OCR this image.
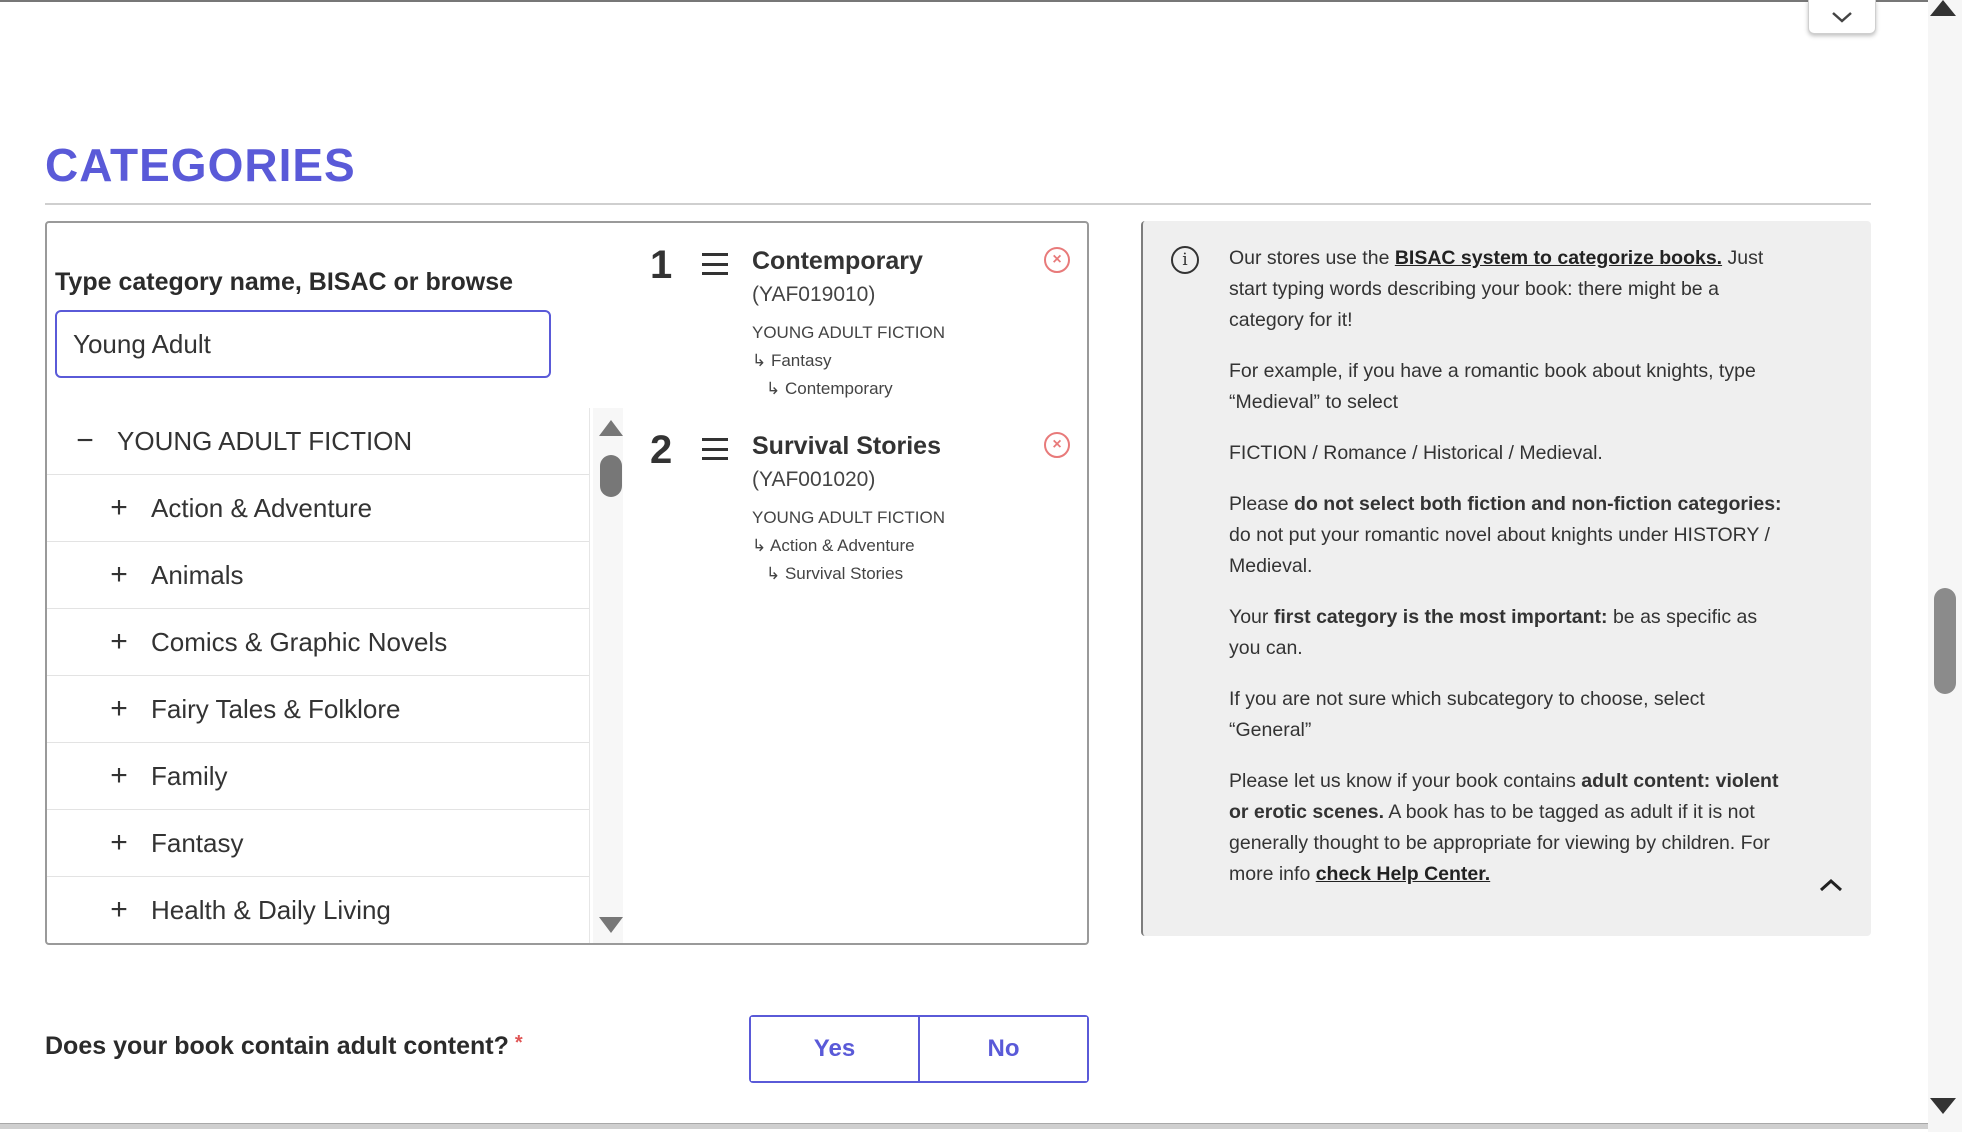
CATEGORIES
Type category name, BISAC or browse
Young Adult
− YOUNG ADULT FICTION
+ Action & Adventure
+ Animals
+ Comics & Graphic Novels
+ Fairy Tales & Folklore
+ Family
+ Fantasy
+ Health & Daily Living
1	Contemporary
(YAF019010)
YOUNG ADULT FICTION
↳ Fantasy
↳ Contemporary
×
2	Survival Stories
(YAF001020)
YOUNG ADULT FICTION
↳ Action & Adventure
↳ Survival Stories
×
i	Our stores use the BISAC system to categorize books. Just start typing words describing your book: there might be a category for it!

For example, if you have a romantic book about knights, type “Medieval” to select

FICTION / Romance / Historical / Medieval.

Please do not select both fiction and non-fiction categories: do not put your romantic novel about knights under HISTORY / Medieval.

Your first category is the most important: be as specific as you can.

If you are not sure which subcategory to choose, select “General”

Please let us know if your book contains adult content: violent or erotic scenes. A book has to be tagged as adult if it is not generally thought to be appropriate for viewing by children. For more info check Help Center.

Does your book contain adult content? *	Yes	No
